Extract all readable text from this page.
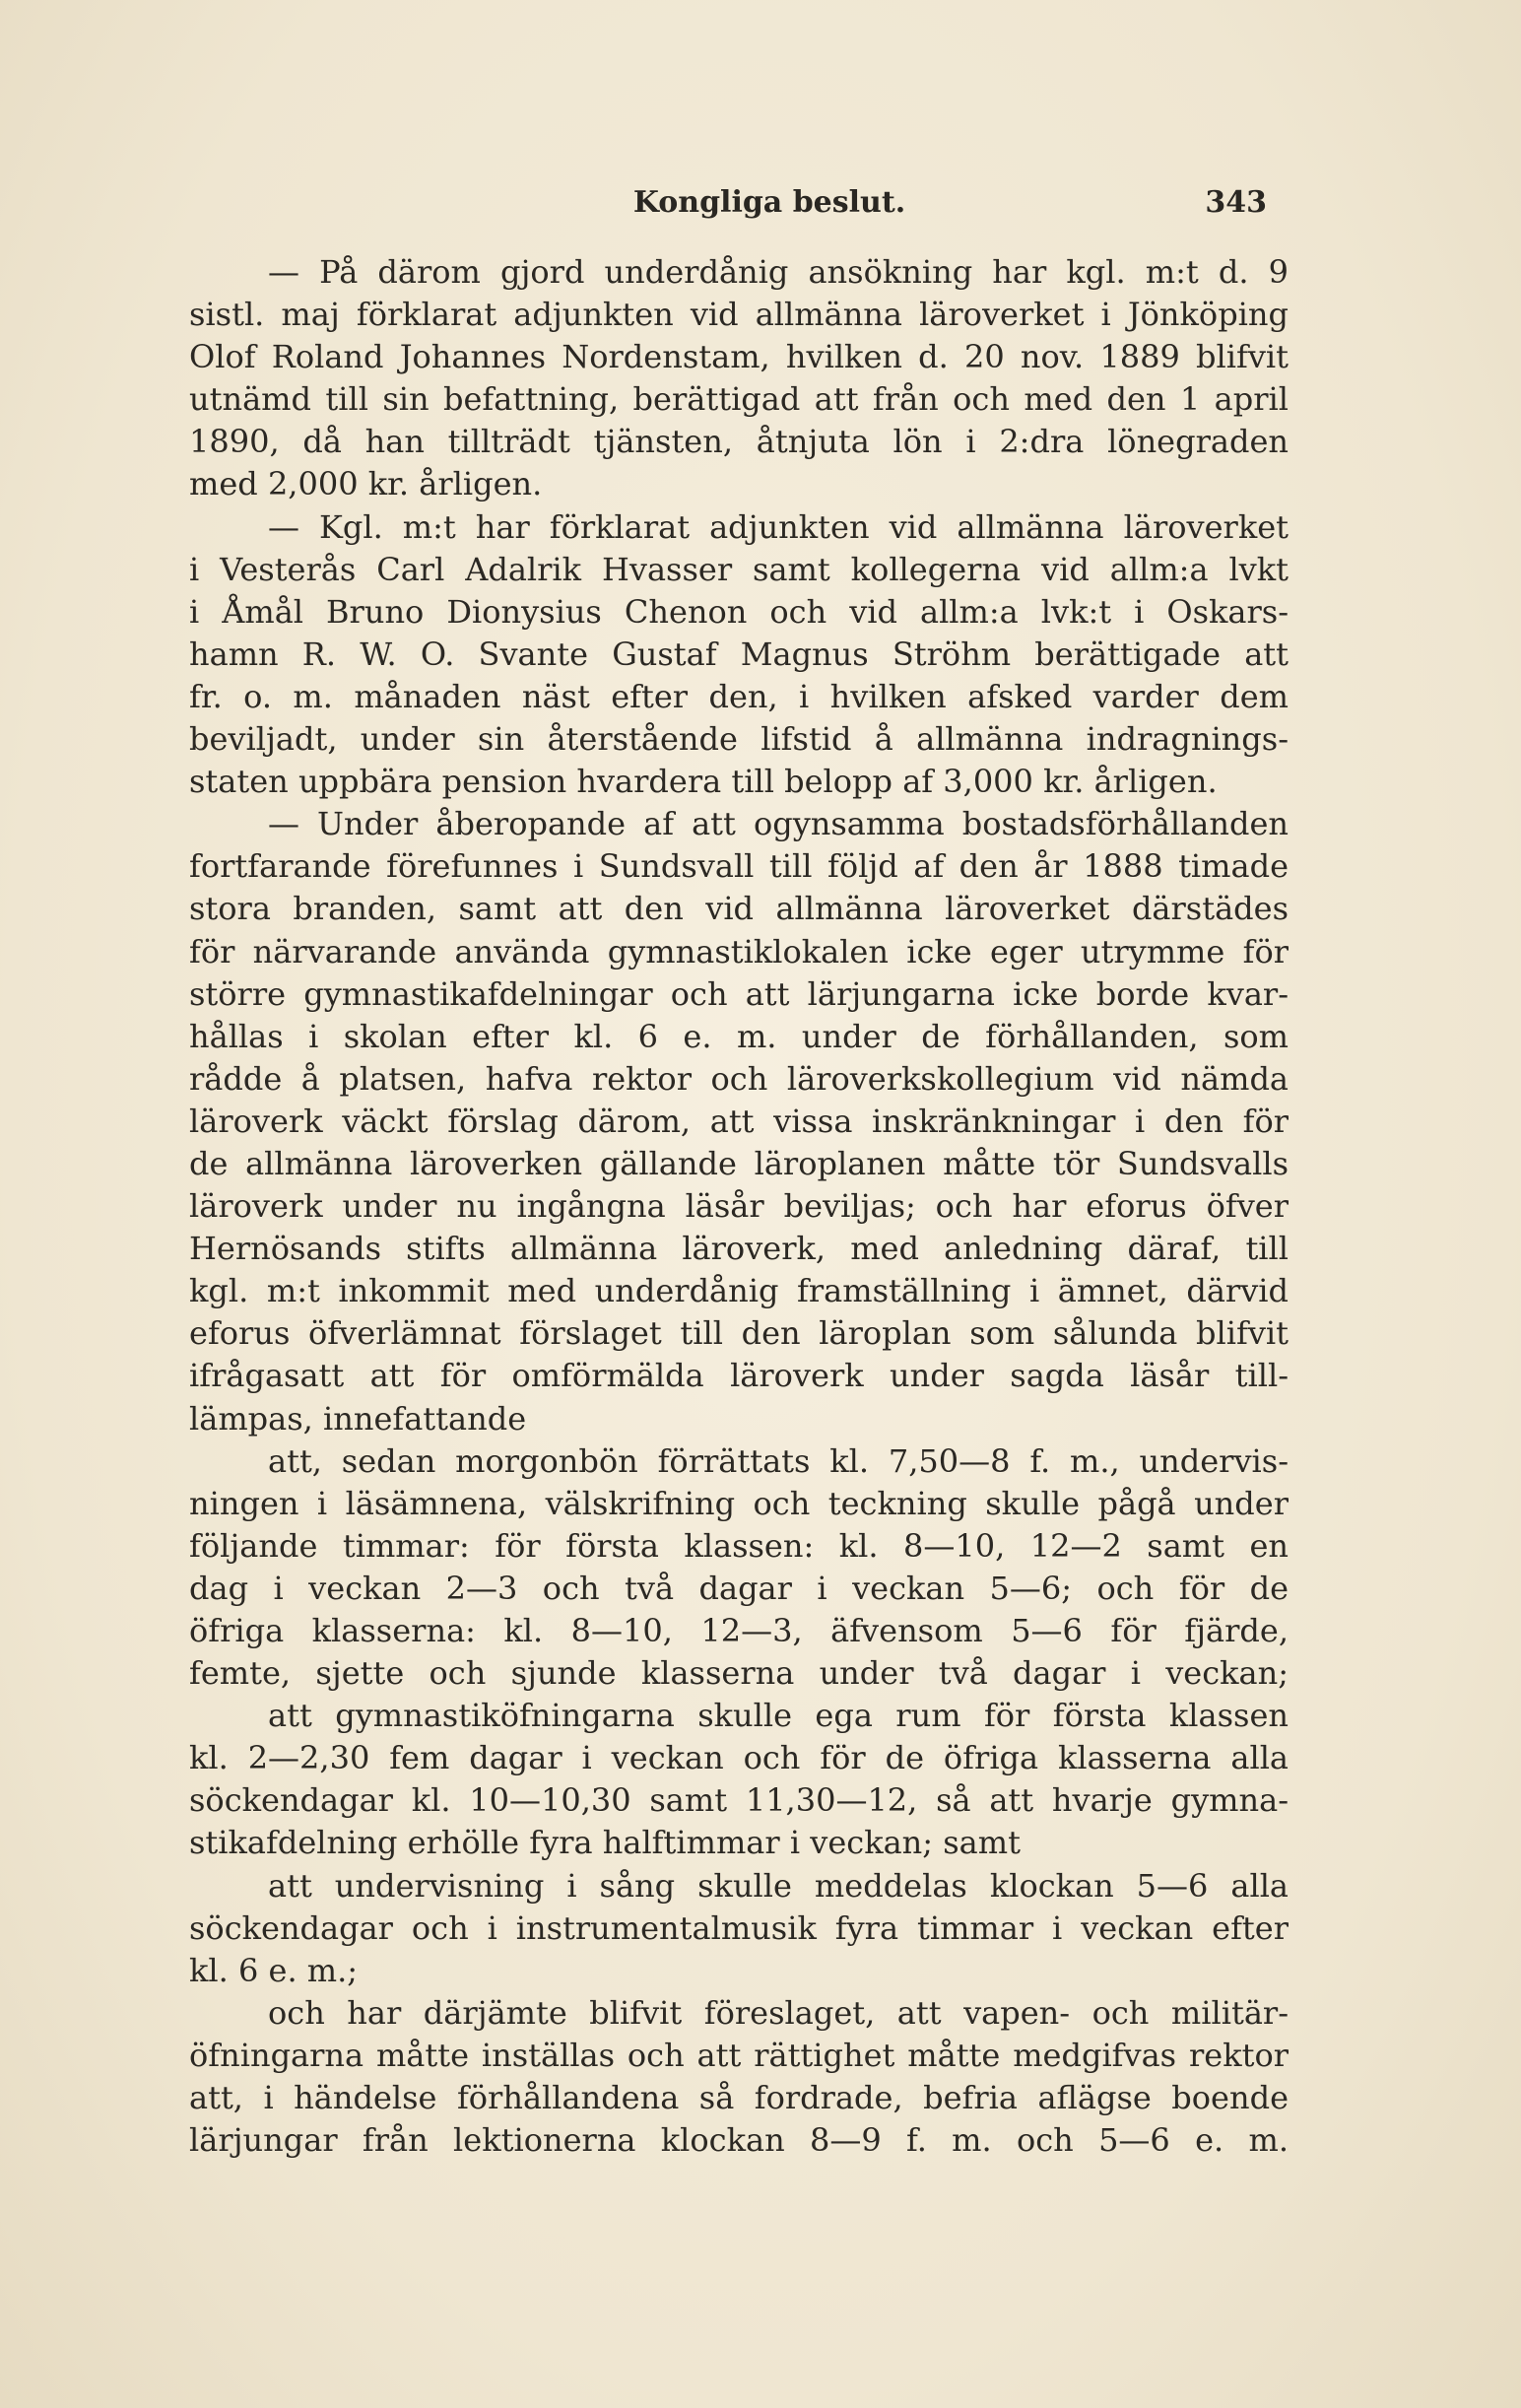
Kongliga beslut.	343

— På därom gjord underdånig ansökning har kgl. m:t d. 9
sistl. maj förklarat adjunkten vid allmänna läroverket i Jönköping
Olof Roland Johannes Nordenstam, hvilken d. 20 nov. 1889 blifvit
utnämd till sin befattning, berättigad att från och med den 1 april
1890, då han tillträdt tjänsten, åtnjuta lön i 2:dra lönegraden
med 2,000 kr. årligen.

— Kgl. m:t har förklarat adjunkten vid allmänna läroverket
i Vesterås Carl Adalrik Hvasser samt kollegerna vid allm:a lvkt
i Åmål Bruno Dionysius Chenon och vid allm:a lvk:t i Oskars-
hamn R. W. O. Svante Gustaf Magnus Ströhm berättigade att
fr. o. m. månaden näst efter den, i hvilken afsked varder dem
beviljadt, under sin återstående lifstid å allmänna indragnings-
staten uppbära pension hvardera till belopp af 3,000 kr. årligen.

— Under åberopande af att ogynsamma bostadsförhållanden
fortfarande förefunnes i Sundsvall till följd af den år 1888 timade
stora branden, samt att den vid allmänna läroverket därstädes
för närvarande använda gymnastiklokalen icke eger utrymme för
större gymnastikafdelningar och att lärjungarna icke borde kvar-
hållas i skolan efter kl. 6 e. m. under de förhållanden, som
rådde å platsen, hafva rektor och läroverkskollegium vid nämda
läroverk väckt förslag därom, att vissa inskränkningar i den för
de allmänna läroverken gällande läroplanen måtte tör Sundsvalls
läroverk under nu ingångna läsår beviljas; och har eforus öfver
Hernösands stifts allmänna läroverk, med anledning däraf, till
kgl. m:t inkommit med underdånig framställning i ämnet, därvid
eforus öfverlämnat förslaget till den läroplan som sålunda blifvit
ifrågasatt att för omförmälda läroverk under sagda läsår till-
lämpas, innefattande

att, sedan morgonbön förrättats kl. 7,50—8 f. m., undervis-
ningen i läsämnena, välskrifning och teckning skulle pågå under
följande timmar: för första klassen: kl. 8—10, 12—2 samt en
dag i veckan 2—3 och två dagar i veckan 5—6; och för de
öfriga klasserna: kl. 8—10, 12—3, äfvensom 5—6 för fjärde,
femte, sjette och sjunde klasserna under två dagar i veckan;

att gymnastiköfningarna skulle ega rum för första klassen
kl. 2—2,30 fem dagar i veckan och för de öfriga klasserna alla
söckendagar kl. 10—10,30 samt 11,30—12, så att hvarje gymna-
stikafdelning erhölle fyra halftimmar i veckan; samt

att undervisning i sång skulle meddelas klockan 5—6 alla
söckendagar och i instrumentalmusik fyra timmar i veckan efter
kl. 6 e. m.;

och har därjämte blifvit föreslaget, att vapen- och militär-
öfningarna måtte inställas och att rättighet måtte medgifvas rektor
att, i händelse förhållandena så fordrade, befria aflägse boende
lärjungar från lektionerna klockan 8—9 f. m. och 5—6 e. m.
